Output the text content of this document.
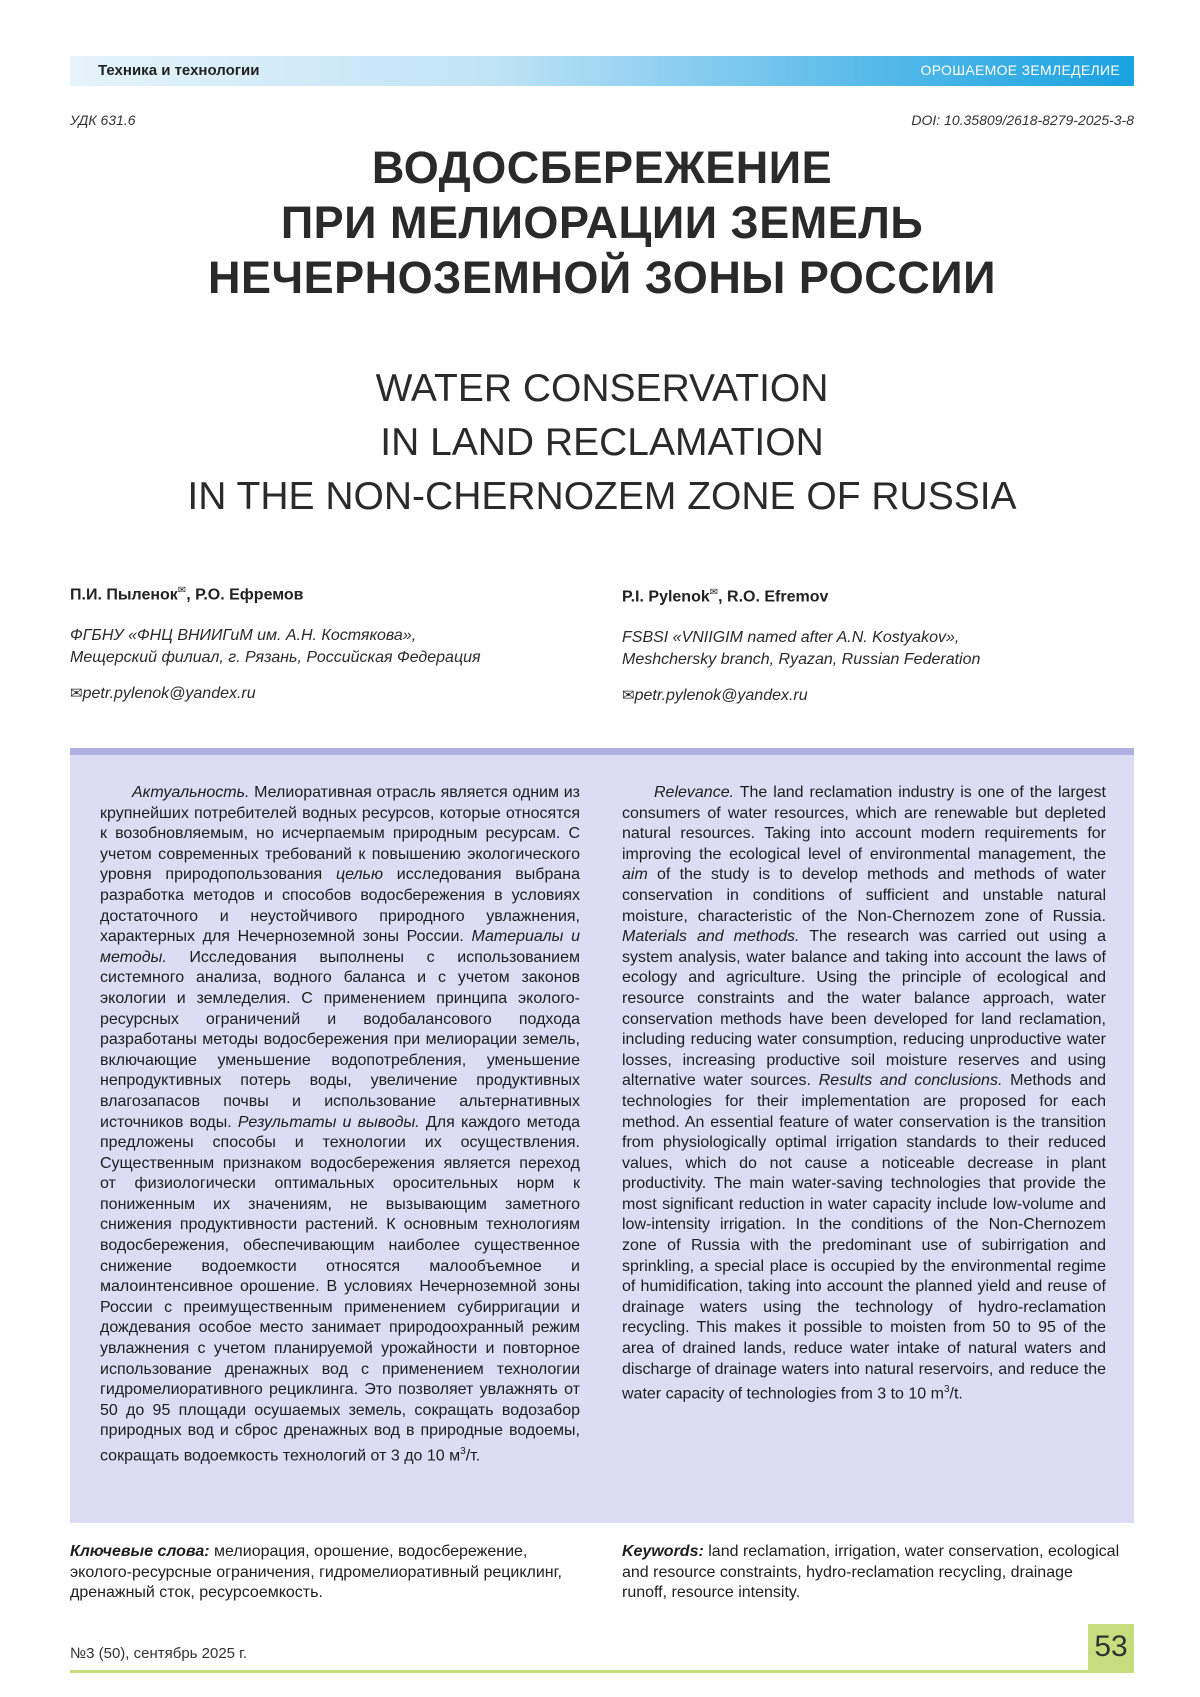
Техника и технологии	ОРОШАЕМОЕ ЗЕМЛЕДЕЛИЕ
УДК 631.6	DOI: 10.35809/2618-8279-2025-3-8
ВОДОСБЕРЕЖЕНИЕ
ПРИ МЕЛИОРАЦИИ ЗЕМЕЛЬ
НЕЧЕРНОЗЕМНОЙ ЗОНЫ РОССИИ
WATER CONSERVATION
IN LAND RECLAMATION
IN THE NON-CHERNOZEM ZONE OF RUSSIA
П.И. Пыленок✉, Р.О. Ефремов	P.I. Pylenok✉, R.O. Efremov
ФГБНУ «ФНЦ ВНИИГиМ им. А.Н. Костякова»,
Мещерский филиал, г. Рязань, Российская Федерация
FSBSI «VNIIGIM named after A.N. Kostyakov»,
Meshchersky branch, Ryazan, Russian Federation
✉petr.pylenok@yandex.ru	✉petr.pylenok@yandex.ru

Актуальность. Мелиоративная отрасль является одним из крупнейших потребителей водных ресурсов, которые относятся к возобновляемым, но исчерпаемым природным ресурсам. С учетом современных требований к повышению экологического уровня природопользования целью исследования выбрана разработка методов и способов водосбережения в условиях достаточного и неустойчивого природного увлажнения, характерных для Нечерноземной зоны России. Материалы и методы. Исследования выполнены с использованием системного анализа, водного баланса и с учетом законов экологии и земледелия. С применением принципа эколого-ресурсных ограничений и водобалансового подхода разработаны методы водосбережения при мелиорации земель, включающие уменьшение водопотребления, уменьшение непродуктивных потерь воды, увеличение продуктивных влагозапасов почвы и использование альтернативных источников воды. Результаты и выводы. Для каждого метода предложены способы и технологии их осуществления. Существенным признаком водосбережения является переход от физиологически оптимальных оросительных норм к пониженным их значениям, не вызывающим заметного снижения продуктивности растений. К основным технологиям водосбережения, обеспечивающим наиболее существенное снижение водоемкости относятся малообъемное и малоинтенсивное орошение. В условиях Нечерноземной зоны России с преимущественным применением субирригации и дождевания особое место занимает природоохранный режим увлажнения с учетом планируемой урожайности и повторное использование дренажных вод с применением технологии гидромелиоративного рециклинга. Это позволяет увлажнять от 50 до 95 площади осушаемых земель, сокращать водозабор природных вод и сброс дренажных вод в природные водоемы, сокращать водоемкость технологий от 3 до 10 $м^3/т$.

Relevance. The land reclamation industry is one of the largest consumers of water resources, which are renewable but depleted natural resources. Taking into account modern requirements for improving the ecological level of environmental management, the aim of the study is to develop methods and methods of water conservation in conditions of sufficient and unstable natural moisture, characteristic of the Non-Chernozem zone of Russia. Materials and methods. The research was carried out using a system analysis, water balance and taking into account the laws of ecology and agriculture. Using the principle of ecological and resource constraints and the water balance approach, water conservation methods have been developed for land reclamation, including reducing water consumption, reducing unproductive water losses, increasing productive soil moisture reserves and using alternative water sources. Results and conclusions. Methods and technologies for their implementation are proposed for each method. An essential feature of water conservation is the transition from physiologically optimal irrigation standards to their reduced values, which do not cause a noticeable decrease in plant productivity. The main water-saving technologies that provide the most significant reduction in water capacity include low-volume and low-intensity irrigation. In the conditions of the Non-Chernozem zone of Russia with the predominant use of subirrigation and sprinkling, a special place is occupied by the environmental regime of humidification, taking into account the planned yield and reuse of drainage waters using the technology of hydro-reclamation recycling. This makes it possible to moisten from 50 to 95 of the area of drained lands, reduce water intake of natural waters and discharge of drainage waters into natural reservoirs, and reduce the water capacity of technologies from 3 to 10 $m^3/t$.

Ключевые слова: мелиорация, орошение, водосбережение, эколого-ресурсные ограничения, гидромелиоративный рециклинг, дренажный сток, ресурсоемкость.
Keywords: land reclamation, irrigation, water conservation, ecological and resource constraints, hydro-reclamation recycling, drainage runoff, resource intensity.
№3 (50), сентябрь 2025 г.	53
